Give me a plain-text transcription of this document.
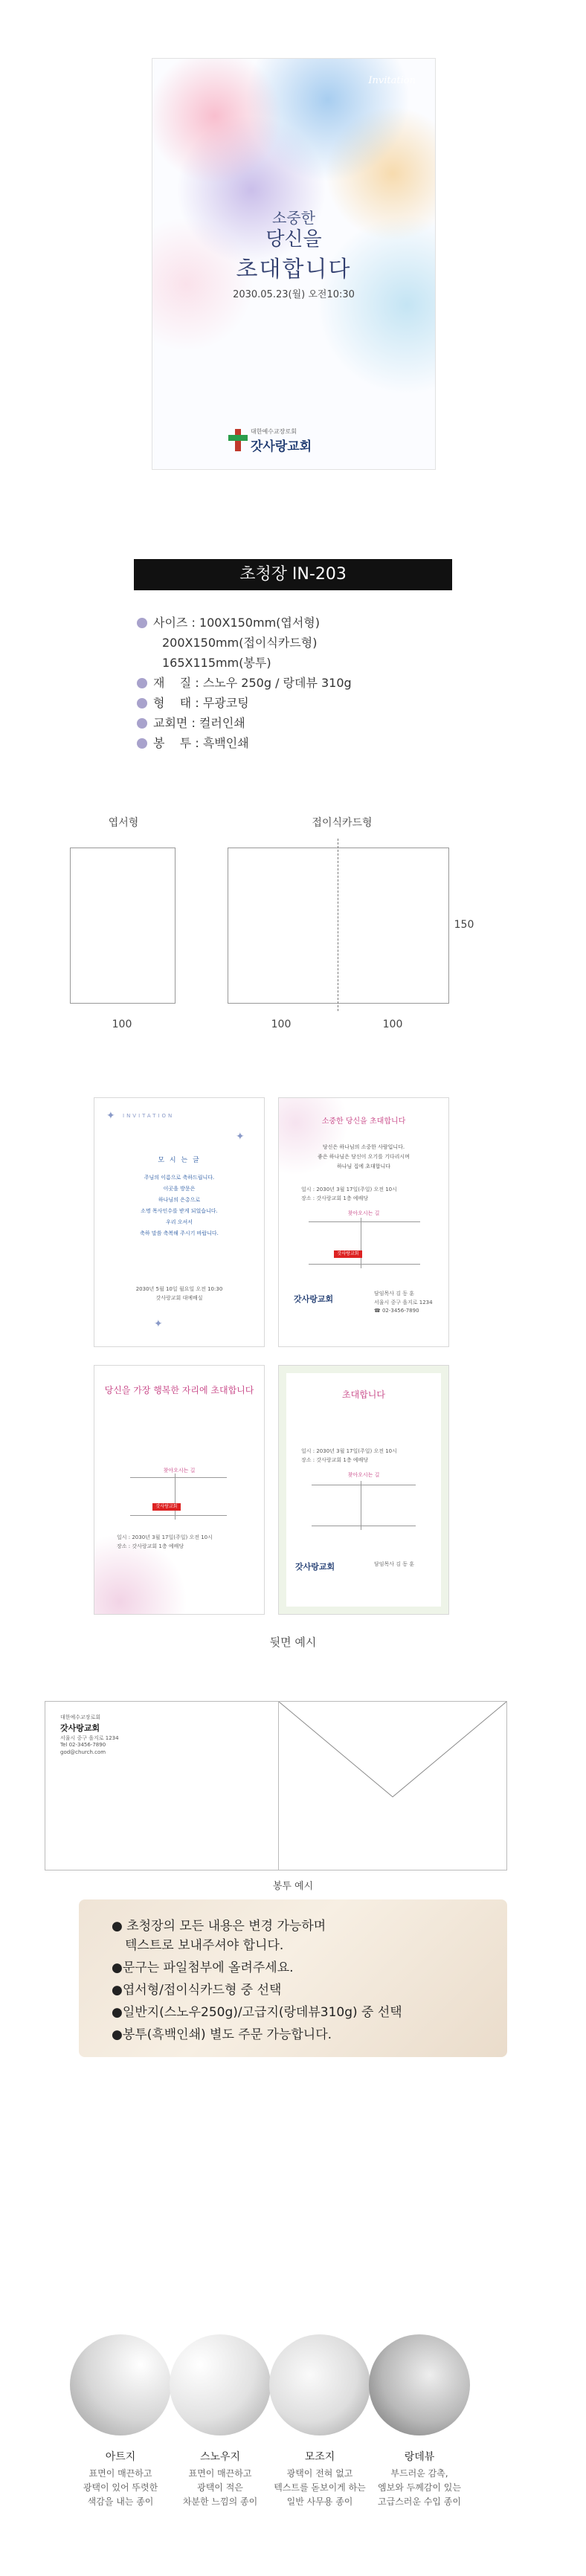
Invitation
소중한
당신을
초대합니다
2030.05.23(월) 오전10:30
대한예수교장로회
갓사랑교회
초청장 IN-203
사이즈 : 100X150mm(엽서형)
200X150mm(접이식카드형)
165X115mm(봉투)
재    질 : 스노우 250g / 랑데뷰 310g
형    태 : 무광코팅
교회면 : 컬러인쇄
봉    투 : 흑백인쇄
엽서형	접이식카드형
100	100	100
150
✦ INVITATION
✦
모 시 는 글
주님의 이름으로 축하드립니다.
이곳을 방문은
하나님의 은총으로
소명 목사인수를 받게 되었습니다.
우리 오셔서
축하 말씀 축복해 주시기 바랍니다.
2030년 5월 10일 월요일 오전 10:30
갓사랑교회 대예배실
✦
소중한 당신을 초대합니다
당신은 하나님의 소중한 사람입니다.
좋은 하나님은 당신이 오기를 기다리시며
하나님 집에 초대합니다
일시 : 2030년 3월 17일(주일) 오전 10시
장소 : 갓사랑교회 1층 예배당
찾아오시는 길
갓사랑교회
갓사랑교회
담임목사 김 동 훈
서울시 중구 을지로 1234
☎ 02-3456-7890
당신을 가장 행복한 자리에 초대합니다
갓사랑교회
찾아오시는 길
일시 : 2030년 3월 17일(주일) 오전 10시
장소 : 갓사랑교회 1층 예배당
초대합니다
일시 : 2030년 3월 17일(주일) 오전 10시
장소 : 갓사랑교회 1층 예배당
찾아오시는 길
갓사랑교회	담임목사 김 동 훈
뒷면 예시
대한예수교장로회
갓사랑교회
서울시 중구 을지로 1234
Tel 02-3456-7890
god@church.com
봉투 예시
● 초청장의 모든 내용은 변경 가능하며
텍스트로 보내주셔야 합니다.
●문구는 파일첨부에 올려주세요.
●엽서형/접이식카드형 중 선택
●일반지(스노우250g)/고급지(랑데뷰310g) 중 선택
●봉투(흑백인쇄) 별도 주문 가능합니다.
아트지	스노우지	모조지	랑데뷰
표면이 매끈하고
광택이 있어 뚜렷한
색감을 내는 종이
표면이 매끈하고
광택이 적은
차분한 느낌의 종이
광택이 전혀 없고
텍스트를 돋보이게 하는
일반 사무용 종이
부드러운 감촉,
엠보와 두께감이 있는
고급스러운 수입 종이
